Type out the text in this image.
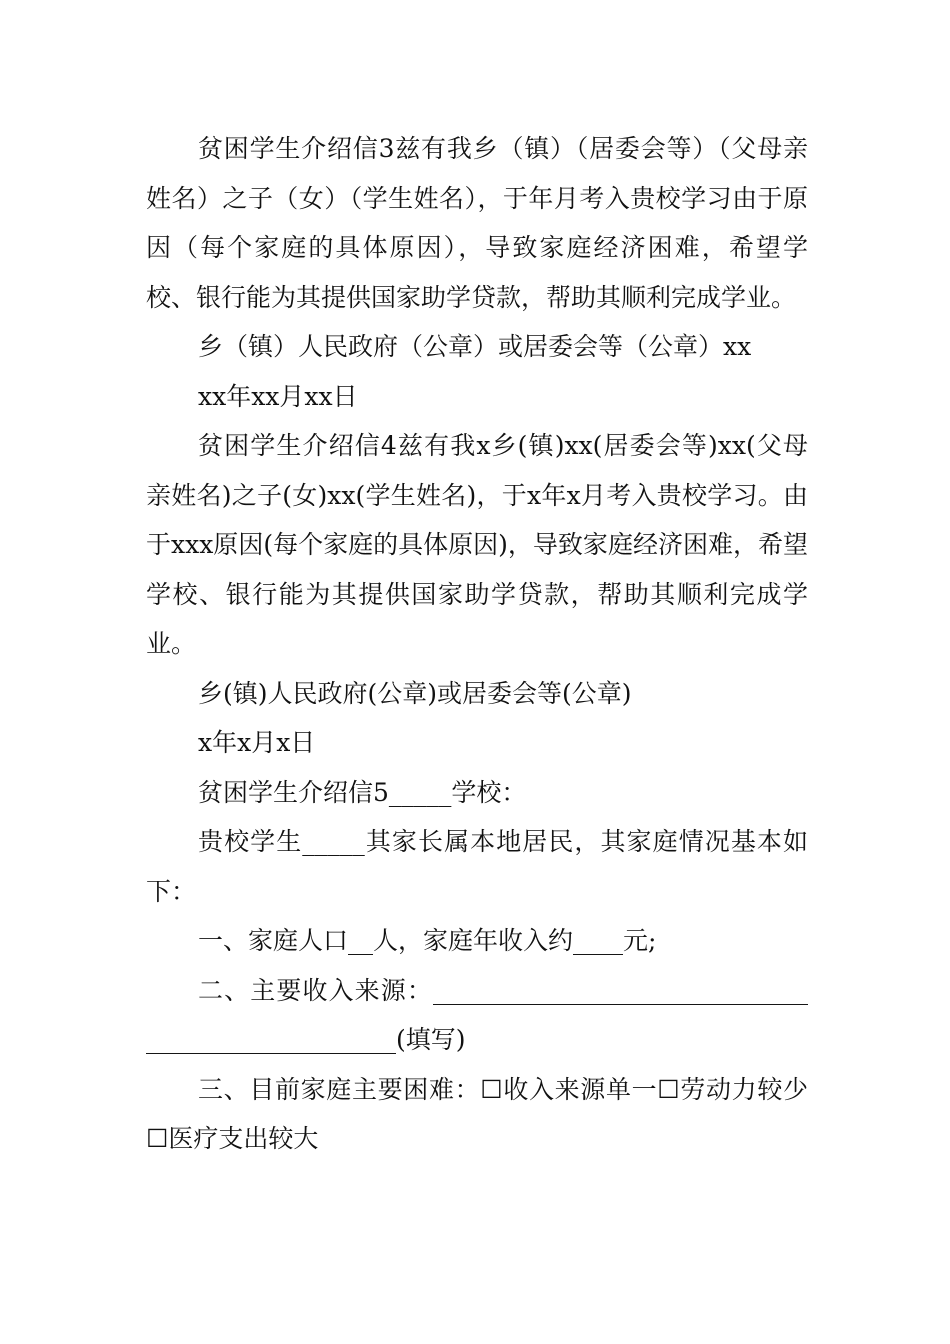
贫困学生介绍信3兹有我乡（镇）（居委会等）（父母亲姓名）之子（女）（学生姓名），于年月考入贵校学习由于原因（每个家庭的具体原因），导致家庭经济困难，希望学校、银行能为其提供国家助学贷款，帮助其顺利完成学业。

乡（镇）人民政府（公章）或居委会等（公章）xx

xx年xx月xx日

贫困学生介绍信4兹有我x乡(镇)xx(居委会等)xx(父母亲姓名)之子(女)xx(学生姓名)，于x年x月考入贵校学习。由于xxx原因(每个家庭的具体原因)，导致家庭经济困难，希望学校、银行能为其提供国家助学贷款，帮助其顺利完成学业。

乡(镇)人民政府(公章)或居委会等(公章)

x年x月x日

贫困学生介绍信5_____学校：

贵校学生_____其家长属本地居民，其家庭情况基本如下：

一、家庭人口__人，家庭年收入约____元;

二、主要收入来源：__________________________________________________(填写)

三、目前家庭主要困难：☐收入来源单一☐劳动力较少☐医疗支出较大
